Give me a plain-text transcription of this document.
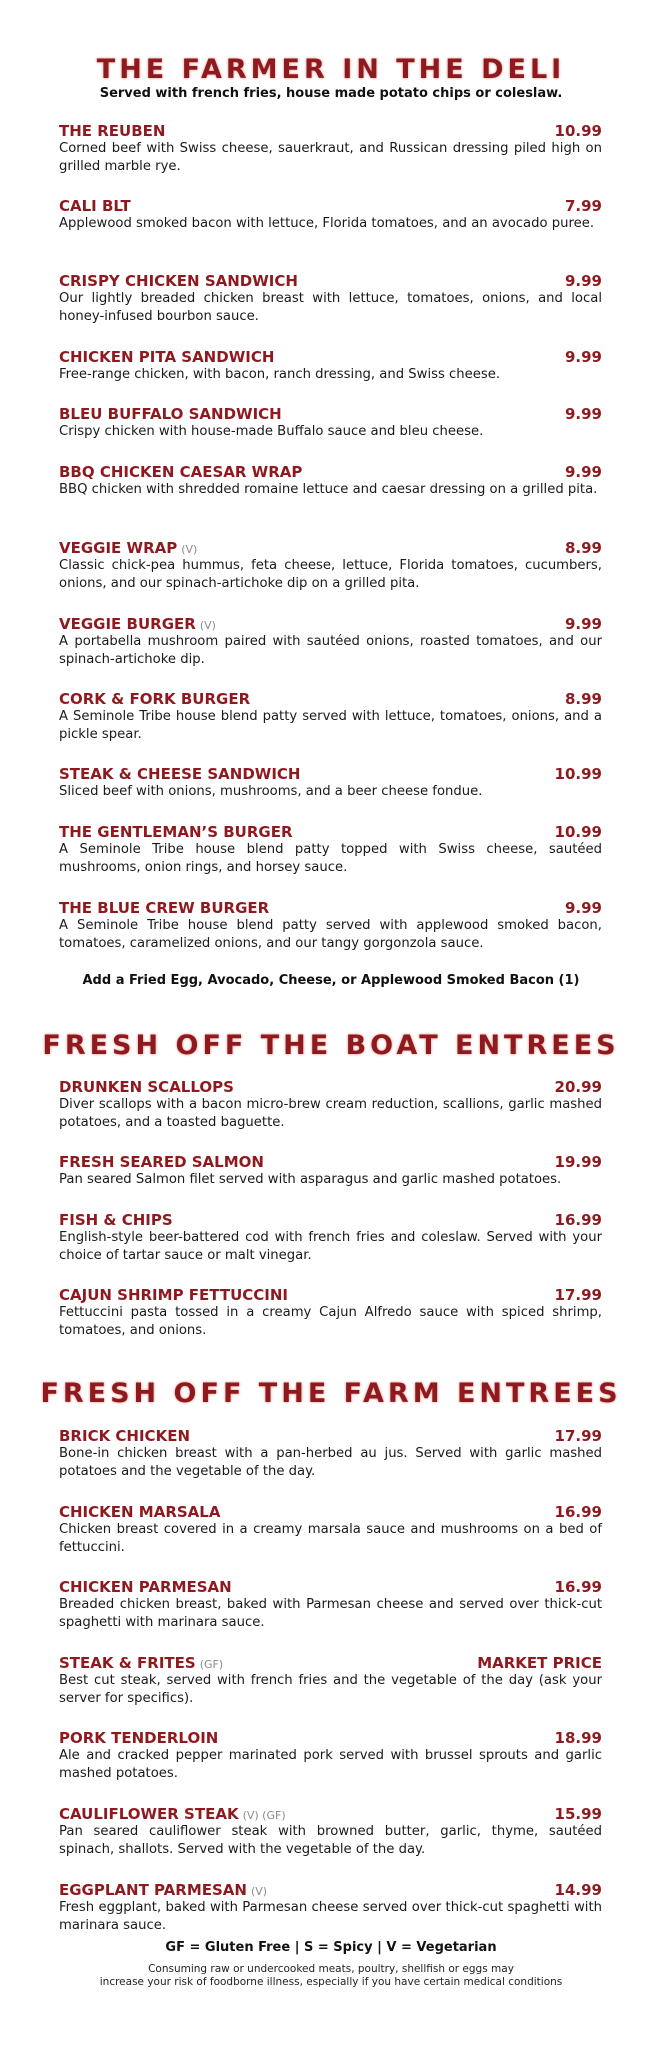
THE FARMER IN THE DELI
Served with french fries, house made potato chips or coleslaw.
THE REUBEN	10.99
Corned beef with Swiss cheese, sauerkraut, and Russican dressing piled high on grilled marble rye.
CALI BLT	7.99
Applewood smoked bacon with lettuce, Florida tomatoes, and an avocado puree.
CRISPY CHICKEN SANDWICH	9.99
Our lightly breaded chicken breast with lettuce, tomatoes, onions, and local honey-infused bourbon sauce.
CHICKEN PITA SANDWICH	9.99
Free-range chicken, with bacon, ranch dressing, and Swiss cheese.
BLEU BUFFALO SANDWICH	9.99
Crispy chicken with house-made Buffalo sauce and bleu cheese.
BBQ CHICKEN CAESAR WRAP	9.99
BBQ chicken with shredded romaine lettuce and caesar dressing on a grilled pita.
VEGGIE WRAP (V)	8.99
Classic chick-pea hummus, feta cheese, lettuce, Florida tomatoes, cucumbers, onions, and our spinach-artichoke dip on a grilled pita.
VEGGIE BURGER (V)	9.99
A portabella mushroom paired with sautéed onions, roasted tomatoes, and our spinach-artichoke dip.
CORK & FORK BURGER	8.99
A Seminole Tribe house blend patty served with lettuce, tomatoes, onions, and a pickle spear.
STEAK & CHEESE SANDWICH	10.99
Sliced beef with onions, mushrooms, and a beer cheese fondue.
THE GENTLEMAN’S BURGER	10.99
A Seminole Tribe house blend patty topped with Swiss cheese, sautéed mushrooms, onion rings, and horsey sauce.
THE BLUE CREW BURGER	9.99
A Seminole Tribe house blend patty served with applewood smoked bacon, tomatoes, caramelized onions, and our tangy gorgonzola sauce.
Add a Fried Egg, Avocado, Cheese, or Applewood Smoked Bacon (1)
FRESH OFF THE BOAT ENTREES
DRUNKEN SCALLOPS	20.99
Diver scallops with a bacon micro-brew cream reduction, scallions, garlic mashed potatoes, and a toasted baguette.
FRESH SEARED SALMON	19.99
Pan seared Salmon filet served with asparagus and garlic mashed potatoes.
FISH & CHIPS	16.99
English-style beer-battered cod with french fries and coleslaw. Served with your choice of tartar sauce or malt vinegar.
CAJUN SHRIMP FETTUCCINI	17.99
Fettuccini pasta tossed in a creamy Cajun Alfredo sauce with spiced shrimp, tomatoes, and onions.
FRESH OFF THE FARM ENTREES
BRICK CHICKEN	17.99
Bone-in chicken breast with a pan-herbed au jus. Served with garlic mashed potatoes and the vegetable of the day.
CHICKEN MARSALA	16.99
Chicken breast covered in a creamy marsala sauce and mushrooms on a bed of fettuccini.
CHICKEN PARMESAN	16.99
Breaded chicken breast, baked with Parmesan cheese and served over thick-cut spaghetti with marinara sauce.
STEAK & FRITES (GF)	MARKET PRICE
Best cut steak, served with french fries and the vegetable of the day (ask your server for specifics).
PORK TENDERLOIN	18.99
Ale and cracked pepper marinated pork served with brussel sprouts and garlic mashed potatoes.
CAULIFLOWER STEAK (V) (GF)	15.99
Pan seared cauliflower steak with browned butter, garlic, thyme, sautéed spinach, shallots. Served with the vegetable of the day.
EGGPLANT PARMESAN (V)	14.99
Fresh eggplant, baked with Parmesan cheese served over thick-cut spaghetti with marinara sauce.
GF = Gluten Free | S = Spicy | V = Vegetarian
Consuming raw or undercooked meats, poultry, shellfish or eggs may
increase your risk of foodborne illness, especially if you have certain medical conditions
